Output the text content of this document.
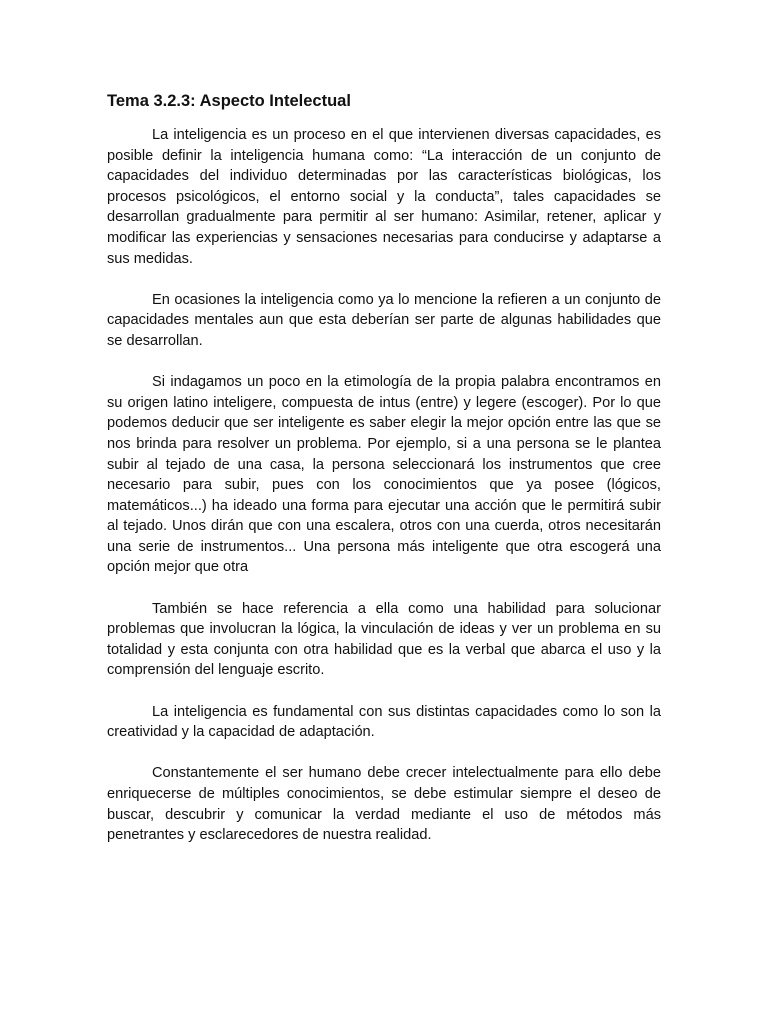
Tema 3.2.3: Aspecto Intelectual

La inteligencia es un proceso en el que intervienen diversas capacidades, es posible definir la inteligencia humana como: “La interacción de un conjunto de capacidades del individuo determinadas por las características biológicas, los procesos psicológicos, el entorno social y la conducta”, tales capacidades se desarrollan gradualmente para permitir al ser humano: Asimilar, retener, aplicar y modificar las experiencias y sensaciones necesarias para conducirse y adaptarse a sus medidas.

En ocasiones la inteligencia como ya lo mencione la refieren a un conjunto de capacidades mentales aun que esta deberían ser parte de algunas habilidades que se desarrollan.

Si indagamos un poco en la etimología de la propia palabra encontramos en su origen latino inteligere, compuesta de intus (entre) y legere (escoger). Por lo que podemos deducir que ser inteligente es saber elegir la mejor opción entre las que se nos brinda para resolver un problema. Por ejemplo, si a una persona se le plantea subir al tejado de una casa, la persona seleccionará los instrumentos que cree necesario para subir, pues con los conocimientos que ya posee (lógicos, matemáticos...) ha ideado una forma para ejecutar una acción que le permitirá subir al tejado. Unos dirán que con una escalera, otros con una cuerda, otros necesitarán una serie de instrumentos... Una persona más inteligente que otra escogerá una opción mejor que otra

También se hace referencia a ella como una habilidad para solucionar problemas que involucran la lógica, la vinculación de ideas y ver un problema en su totalidad y esta conjunta con otra habilidad que es la verbal que abarca el uso y la comprensión del lenguaje escrito.

La inteligencia es fundamental con sus distintas capacidades como lo son la creatividad y la capacidad de adaptación.

Constantemente el ser humano debe crecer intelectualmente para ello debe enriquecerse de múltiples conocimientos, se debe estimular siempre el deseo de buscar, descubrir y comunicar la verdad mediante el uso de métodos más penetrantes y esclarecedores de nuestra realidad.
